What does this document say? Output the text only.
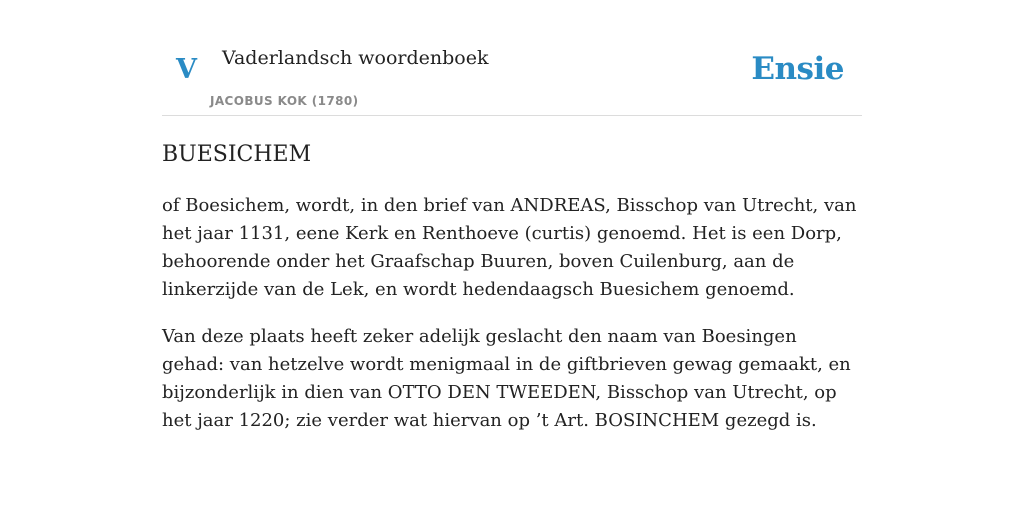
V Vaderlandsch woordenboek
JACOBUS KOK (1780)
Ensie
BUESICHEM

of Boesichem, wordt, in den brief van ANDREAS, Bisschop van Utrecht, van het jaar 1131, eene Kerk en Renthoeve (curtis) genoemd. Het is een Dorp, behoorende onder het Graafschap Buuren, boven Cuilenburg, aan de linkerzijde van de Lek, en wordt hedendaagsch Buesichem genoemd.

Van deze plaats heeft zeker adelijk geslacht den naam van Boesingen gehad: van hetzelve wordt menigmaal in de giftbrieven gewag gemaakt, en bijzonderlijk in dien van OTTO DEN TWEEDEN, Bisschop van Utrecht, op het jaar 1220; zie verder wat hiervan op ’t Art. BOSINCHEM gezegd is.
